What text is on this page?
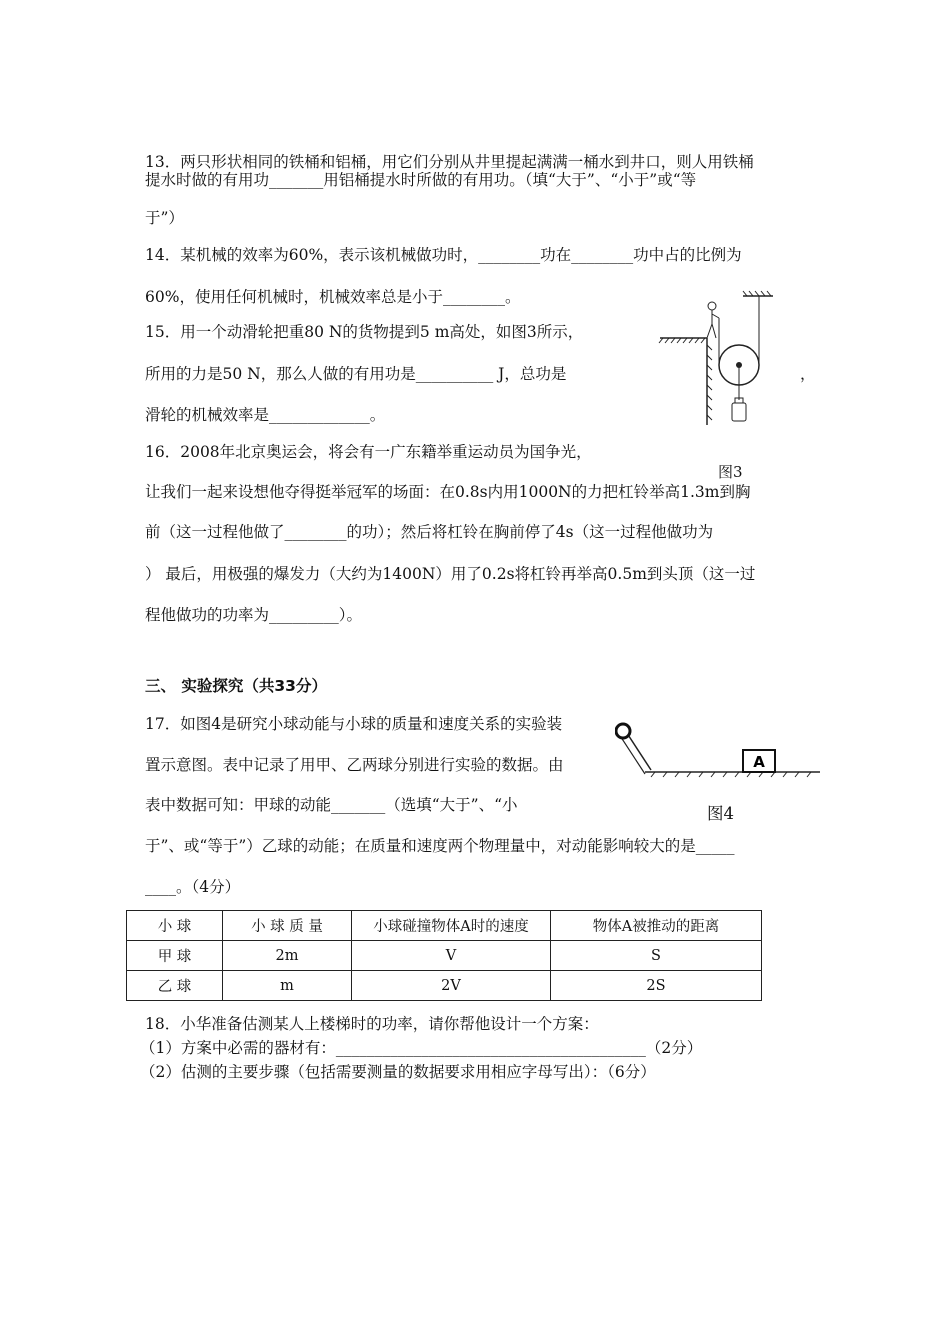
13．两只形状相同的铁桶和铝桶，用它们分别从井里提起满满一桶水到井口，则人用铁桶
提水时做的有用功_______用铝桶提水时所做的有用功。（填“大于”、“小于”或“等
于”）
14．某机械的效率为60%，表示该机械做功时，________功在________功中占的比例为
60%，使用任何机械时，机械效率总是小于________。
15．用一个动滑轮把重80 N的货物提到5 m高处，如图3所示，
所用的力是50 N，那么人做的有用功是__________ J，总功是	，
滑轮的机械效率是_____________。
16．2008年北京奥运会，将会有一广东籍举重运动员为国争光，
让我们一起来设想他夺得挺举冠军的场面：在0.8s内用1000N的力把杠铃举高1.3m到胸
前（这一过程他做了________的功）；然后将杠铃在胸前停了4s（这一过程他做功为
） 最后，用极强的爆发力（大约为1400N）用了0.2s将杠铃再举高0.5m到头顶（这一过
程他做功的功率为_________）。
图3
三、 实验探究（共33分）
17．如图4是研究小球动能与小球的质量和速度关系的实验装
置示意图。表中记录了用甲、乙两球分别进行实验的数据。由
表中数据可知：甲球的动能_______（选填“大于”、“小
于”、或“等于”）乙球的动能；在质量和速度两个物理量中，对动能影响较大的是_____
____。（4分）
A
图4
小 球	小 球 质 量	小球碰撞物体A时的速度	物体A被推动的距离
甲 球	2m	V	S
乙 球	m	2V	2S
18．小华准备估测某人上楼梯时的功率，请你帮他设计一个方案：
（1）方案中必需的器材有：________________________________________（2分）
（2）估测的主要步骤（包括需要测量的数据要求用相应字母写出）：（6分）
